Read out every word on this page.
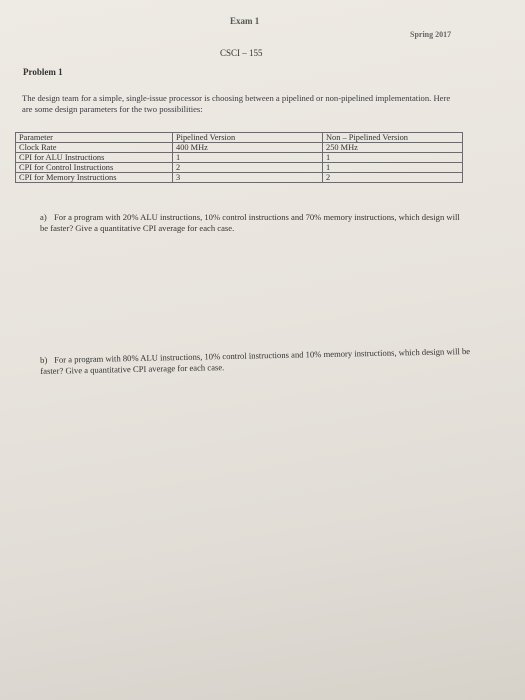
Exam 1
Spring 2017
CSCI – 155
Problem 1
The design team for a simple, single-issue processor is choosing between a pipelined or non-pipelined implementation. Here are some design parameters for the two possibilities:
Parameter	Pipelined Version	Non – Pipelined Version
Clock Rate	400 MHz	250 MHz
CPI for ALU Instructions	1	1
CPI for Control Instructions	2	1
CPI for Memory Instructions	3	2
a) For a program with 20% ALU instructions, 10% control instructions and 70% memory instructions, which design will be faster? Give a quantitative CPI average for each case.
b) For a program with 80% ALU instructions, 10% control instructions and 10% memory instructions, which design will be faster? Give a quantitative CPI average for each case.
